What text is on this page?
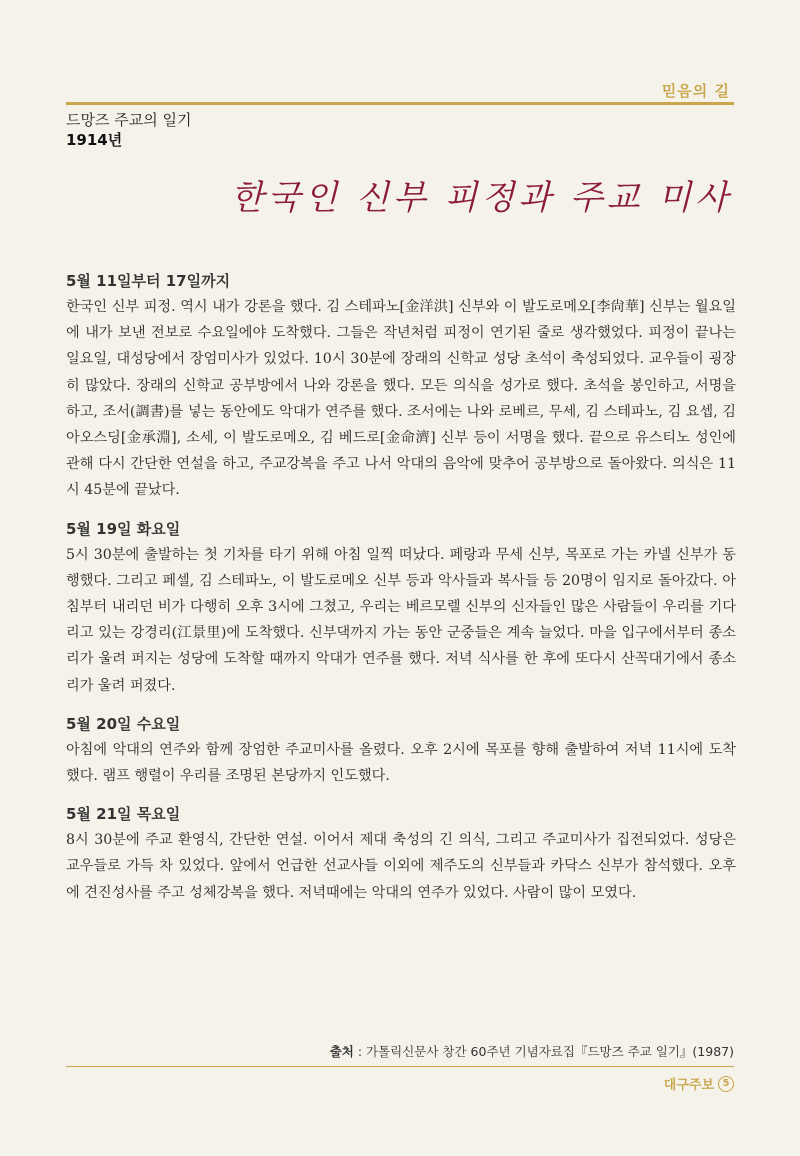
믿음의 길
드망즈 주교의 일기
1914년
한국인 신부 피정과 주교 미사
5월 11일부터 17일까지

한국인 신부 피정. 역시 내가 강론을 했다. 김 스테파노[金洋洪] 신부와 이 발도로메오[李尙華] 신부는 월요일에 내가 보낸 전보로 수요일에야 도착했다. 그들은 작년처럼 피정이 연기된 줄로 생각했었다. 피정이 끝나는 일요일, 대성당에서 장엄미사가 있었다. 10시 30분에 장래의 신학교 성당 초석이 축성되었다. 교우들이 굉장히 많았다. 장래의 신학교 공부방에서 나와 강론을 했다. 모든 의식을 성가로 했다. 초석을 봉인하고, 서명을 하고, 조서(調書)를 넣는 동안에도 악대가 연주를 했다. 조서에는 나와 로베르, 무세, 김 스테파노, 김 요셉, 김 아오스딩[金承淵], 소세, 이 발도로메오, 김 베드로[金命濟] 신부 등이 서명을 했다. 끝으로 유스티노 성인에 관해 다시 간단한 연설을 하고, 주교강복을 주고 나서 악대의 음악에 맞추어 공부방으로 돌아왔다. 의식은 11시 45분에 끝났다.

5월 19일 화요일

5시 30분에 출발하는 첫 기차를 타기 위해 아침 일찍 떠났다. 페랑과 무세 신부, 목포로 가는 카넬 신부가 동행했다. 그리고 페셀, 김 스테파노, 이 발도로메오 신부 등과 악사들과 복사들 등 20명이 임지로 돌아갔다. 아침부터 내리던 비가 다행히 오후 3시에 그쳤고, 우리는 베르모렐 신부의 신자들인 많은 사람들이 우리를 기다리고 있는 강경리(江景里)에 도착했다. 신부댁까지 가는 동안 군중들은 계속 늘었다. 마을 입구에서부터 종소리가 울려 퍼지는 성당에 도착할 때까지 악대가 연주를 했다. 저녁 식사를 한 후에 또다시 산꼭대기에서 종소리가 울려 퍼졌다.

5월 20일 수요일

아침에 악대의 연주와 함께 장엄한 주교미사를 올렸다. 오후 2시에 목포를 향해 출발하여 저녁 11시에 도착했다. 램프 행렬이 우리를 조명된 본당까지 인도했다.

5월 21일 목요일

8시 30분에 주교 환영식, 간단한 연설. 이어서 제대 축성의 긴 의식, 그리고 주교미사가 집전되었다. 성당은 교우들로 가득 차 있었다. 앞에서 언급한 선교사들 이외에 제주도의 신부들과 카닥스 신부가 참석했다. 오후에 견진성사를 주고 성체강복을 했다. 저녁때에는 악대의 연주가 있었다. 사람이 많이 모였다.

출처 : 가톨릭신문사 창간 60주년 기념자료집『드망즈 주교 일기』(1987)
대구주보 5
